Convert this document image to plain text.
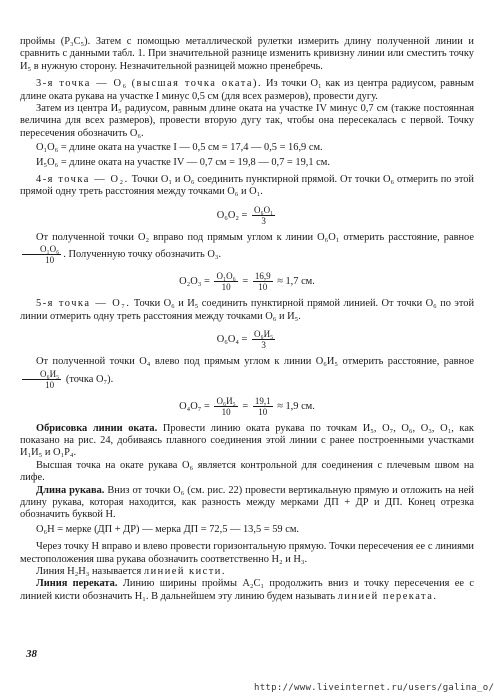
проймы (P₃C₅). Затем с помощью металлической рулетки измерить длину полученной линии и сравнить с данными табл. 1. При значительной разнице изменить кривизну линии или сместить точку И₅ в нужную сторону. Незначительной разницей можно пренебречь.

3-я точка — О₆ (высшая точка оката). Из точки О₁ как из центра радиусом, равным длине оката рукава на участке I минус 0,5 см (для всех размеров), провести дугу.

Затем из центра И₅ радиусом, равным длине оката на участке IV минус 0,7 см (также постоянная величина для всех размеров), провести вторую дугу так, чтобы она пересекалась с первой. Точку пересечения обозначить О₆.

О₁О₆ = длине оката на участке I — 0,5 см = 17,4 — 0,5 = 16,9 см.

И₅О₆ = длине оката на участке IV — 0,7 см = 19,8 — 0,7 = 19,1 см.

4-я точка — О₂. Точки О₁ и О₆ соединить пунктирной прямой. От точки О₆ отмерить по этой прямой одну треть расстояния между точками О₆ и О₁.

$О_6О_2 = \frac{\text{О₆О₁}}{3}$

От полученной точки О₂ вправо под прямым углом к линии О₆О₁ отмерить расстояние, равное
$\frac{\text{О₁О₆}}{10}$ . Полученную точку обозначить О₃.

$О_2О_3 = \frac{\text{О₁О₆}}{10} = \frac{16,9}{10} \approx 1,7$ см.

5-я точка — О₇. Точки О₆ и И₅ соединить пунктирной прямой линией. От точки О₆ по этой линии отмерить одну треть расстояния между точками О₆ и И₅.

$О_6О_4 = \frac{\text{О₆И₅}}{3}$

От полученной точки О₄ влево под прямым углом к линии О₆И₅ отмерить расстояние, равное
$\frac{\text{О₆И₅}}{10}$ (точка О₇).

$О_4О_7 = \frac{\text{О₆И₅}}{10} = \frac{19,1}{10} \approx 1,9$ см.

Обрисовка линии оката. Провести линию оката рукава по точкам И₅, О₇, О₆, О₃, О₁, как показано на рис. 24, добиваясь плавного соединения этой линии с ранее построенными участками И₁И₅ и О₁Р₄.

Высшая точка на окате рукава О₆ является контрольной для соединения с плечевым швом на лифе.

Длина рукава. Вниз от точки О₆ (см. рис. 22) провести вертикальную прямую и отложить на ней длину рукава, которая находится, как разность между мерками ДП + ДР и ДП. Конец отрезка обозначить буквой Н.

О₆Н = мерке (ДП + ДР) — мерка ДП = 72,5 — 13,5 = 59 см.

Через точку Н вправо и влево провести горизонтальную прямую. Точки пересечения ее с линиями местоположения шва рукава обозначить соответственно Н₂ и Н₃.

Линия Н₂Н₃ называется линией кисти.

Линия переката. Линию ширины проймы А₂С₁ продолжить вниз и точку пересечения ее с линией кисти обозначить Н₁. В дальнейшем эту линию будем называть линией переката.

38
http://www.liveinternet.ru/users/galina_o/
